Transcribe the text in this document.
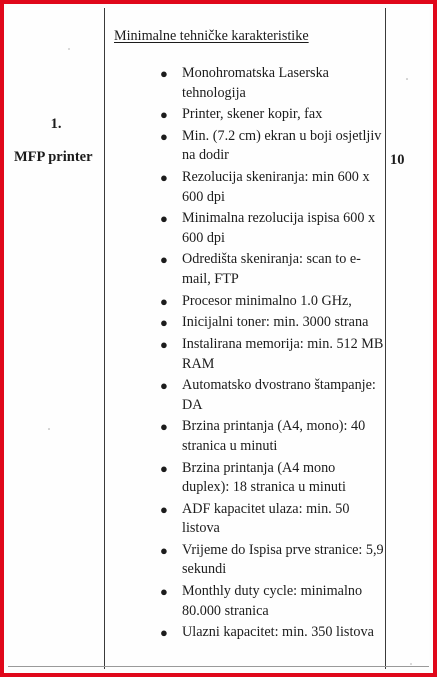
1.
MFP printer	10
Minimalne tehničke karakteristike
● Monohromatska Laserska tehnologija
● Printer, skener kopir, fax
● Min. (7.2 cm) ekran u boji osjetljiv na dodir
● Rezolucija skeniranja: min 600 x 600 dpi
● Minimalna rezolucija ispisa 600 x 600 dpi
● Odredišta skeniranja: scan to e-mail, FTP
● Procesor minimalno 1.0 GHz,
● Inicijalni toner: min. 3000 strana
● Instalirana memorija: min. 512 MB RAM
● Automatsko dvostrano štampanje: DA
● Brzina printanja (A4, mono): 40 stranica u minuti
● Brzina printanja (A4 mono duplex): 18 stranica u minuti
● ADF kapacitet ulaza: min. 50 listova
● Vrijeme do Ispisa prve stranice: 5,9 sekundi
● Monthly duty cycle: minimalno 80.000 stranica
● Ulazni kapacitet: min. 350 listova
